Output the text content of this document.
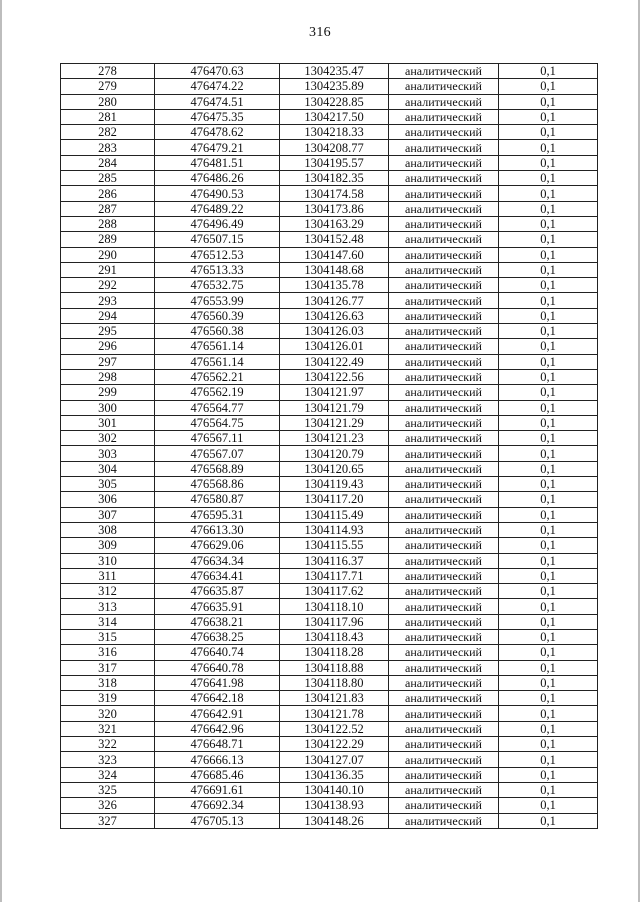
316
278	476470.63	1304235.47	аналитический	0,1
279	476474.22	1304235.89	аналитический	0,1
280	476474.51	1304228.85	аналитический	0,1
281	476475.35	1304217.50	аналитический	0,1
282	476478.62	1304218.33	аналитический	0,1
283	476479.21	1304208.77	аналитический	0,1
284	476481.51	1304195.57	аналитический	0,1
285	476486.26	1304182.35	аналитический	0,1
286	476490.53	1304174.58	аналитический	0,1
287	476489.22	1304173.86	аналитический	0,1
288	476496.49	1304163.29	аналитический	0,1
289	476507.15	1304152.48	аналитический	0,1
290	476512.53	1304147.60	аналитический	0,1
291	476513.33	1304148.68	аналитический	0,1
292	476532.75	1304135.78	аналитический	0,1
293	476553.99	1304126.77	аналитический	0,1
294	476560.39	1304126.63	аналитический	0,1
295	476560.38	1304126.03	аналитический	0,1
296	476561.14	1304126.01	аналитический	0,1
297	476561.14	1304122.49	аналитический	0,1
298	476562.21	1304122.56	аналитический	0,1
299	476562.19	1304121.97	аналитический	0,1
300	476564.77	1304121.79	аналитический	0,1
301	476564.75	1304121.29	аналитический	0,1
302	476567.11	1304121.23	аналитический	0,1
303	476567.07	1304120.79	аналитический	0,1
304	476568.89	1304120.65	аналитический	0,1
305	476568.86	1304119.43	аналитический	0,1
306	476580.87	1304117.20	аналитический	0,1
307	476595.31	1304115.49	аналитический	0,1
308	476613.30	1304114.93	аналитический	0,1
309	476629.06	1304115.55	аналитический	0,1
310	476634.34	1304116.37	аналитический	0,1
311	476634.41	1304117.71	аналитический	0,1
312	476635.87	1304117.62	аналитический	0,1
313	476635.91	1304118.10	аналитический	0,1
314	476638.21	1304117.96	аналитический	0,1
315	476638.25	1304118.43	аналитический	0,1
316	476640.74	1304118.28	аналитический	0,1
317	476640.78	1304118.88	аналитический	0,1
318	476641.98	1304118.80	аналитический	0,1
319	476642.18	1304121.83	аналитический	0,1
320	476642.91	1304121.78	аналитический	0,1
321	476642.96	1304122.52	аналитический	0,1
322	476648.71	1304122.29	аналитический	0,1
323	476666.13	1304127.07	аналитический	0,1
324	476685.46	1304136.35	аналитический	0,1
325	476691.61	1304140.10	аналитический	0,1
326	476692.34	1304138.93	аналитический	0,1
327	476705.13	1304148.26	аналитический	0,1
